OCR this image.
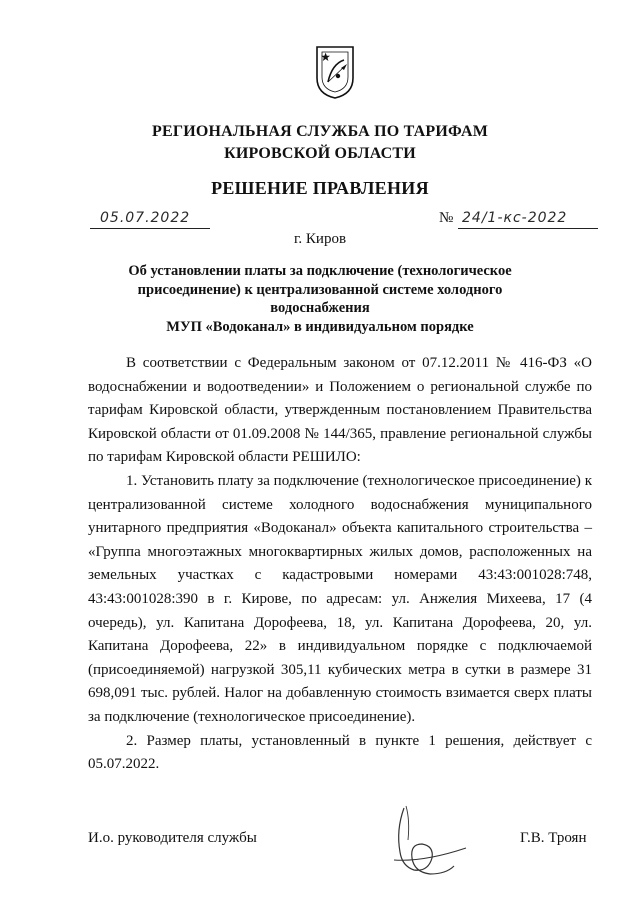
РЕГИОНАЛЬНАЯ СЛУЖБА ПО ТАРИФАМ
КИРОВСКОЙ ОБЛАСТИ
РЕШЕНИЕ ПРАВЛЕНИЯ
05.07.2022	№ 24/1-кс-2022
г. Киров
Об установлении платы за подключение (технологическое
присоединение) к централизованной системе холодного водоснабжения
МУП «Водоканал» в индивидуальном порядке

В соответствии с Федеральным законом от 07.12.2011 № 416-ФЗ «О водоснабжении и водоотведении» и Положением о региональной службе по тарифам Кировской области, утвержденным постановлением Правительства Кировской области от 01.09.2008 № 144/365, правление региональной службы по тарифам Кировской области РЕШИЛО:

1. Установить плату за подключение (технологическое присоединение) к централизованной системе холодного водоснабжения муниципального унитарного предприятия «Водоканал» объекта капитального строительства – «Группа многоэтажных многоквартирных жилых домов, расположенных на земельных участках с кадастровыми номерами 43:43:001028:748, 43:43:001028:390 в г. Кирове, по адресам: ул. Анжелия Михеева, 17 (4 очередь), ул. Капитана Дорофеева, 18, ул. Капитана Дорофеева, 20, ул. Капитана Дорофеева, 22» в индивидуальном порядке с подключаемой (присоединяемой) нагрузкой 305,11 кубических метра в сутки в размере 31 698,091 тыс. рублей. Налог на добавленную стоимость взимается сверх платы за подключение (технологическое присоединение).

2. Размер платы, установленный в пункте 1 решения, действует с 05.07.2022.

И.о. руководителя службы	Г.В. Троян
